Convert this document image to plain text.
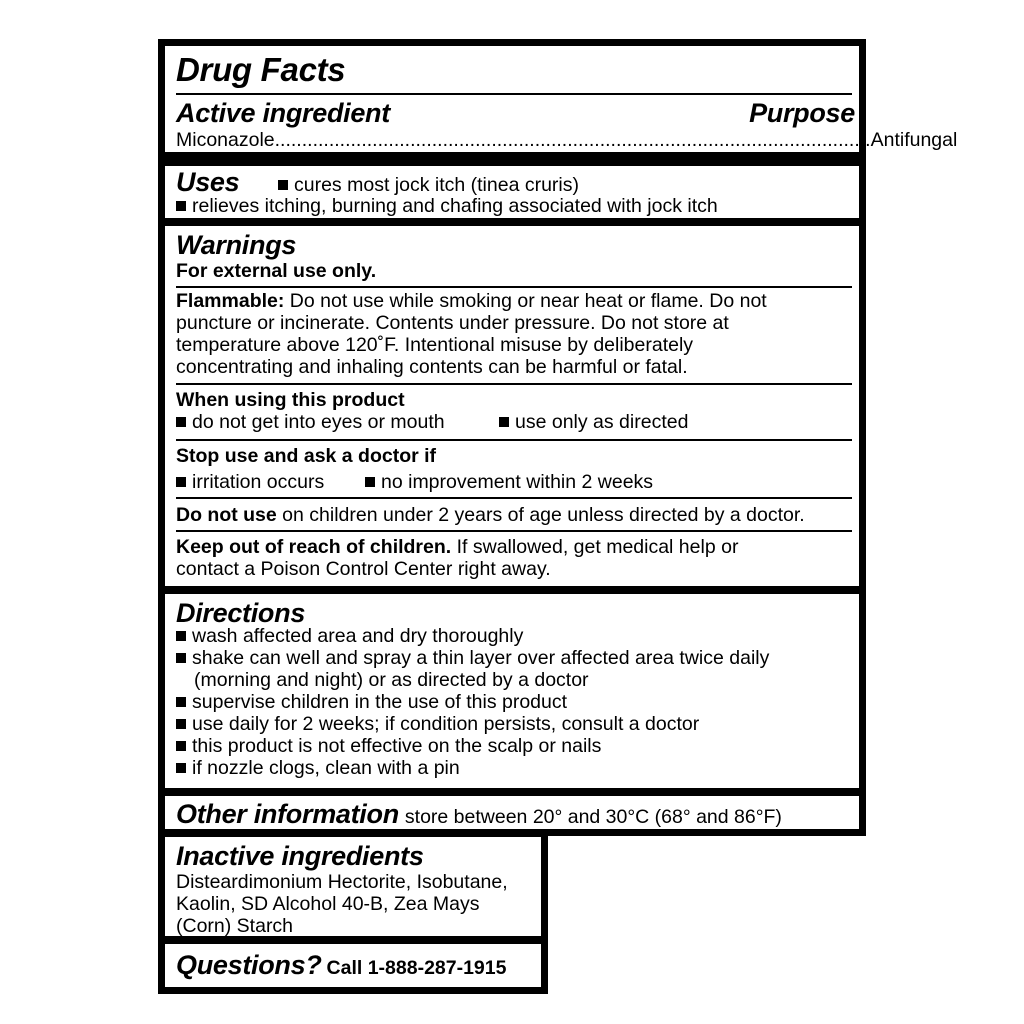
Drug Facts
Active ingredient	Purpose
Miconazole .............................................................................................................. Antifungal
Uses	cures most jock itch (tinea cruris)
relieves itching, burning and chafing associated with jock itch
Warnings
For external use only.
Flammable: Do not use while smoking or near heat or flame. Do not
puncture or incinerate. Contents under pressure. Do not store at
temperature above 120˚F. Intentional misuse by deliberately
concentrating and inhaling contents can be harmful or fatal.
When using this product
do not get into eyes or mouth	use only as directed
Stop use and ask a doctor if
irritation occurs	no improvement within 2 weeks
Do not use on children under 2 years of age unless directed by a doctor.
Keep out of reach of children. If swallowed, get medical help or
contact a Poison Control Center right away.
Directions
wash affected area and dry thoroughly
shake can well and spray a thin layer over affected area twice daily (morning and night) or as directed by a doctor
supervise children in the use of this product
use daily for 2 weeks; if condition persists, consult a doctor
this product is not effective on the scalp or nails
if nozzle clogs, clean with a pin
Other information store between 20° and 30°C (68° and 86°F)
Inactive ingredients
Disteardimonium Hectorite, Isobutane,
Kaolin, SD Alcohol 40-B, Zea Mays
(Corn) Starch
Questions? Call 1-888-287-1915
